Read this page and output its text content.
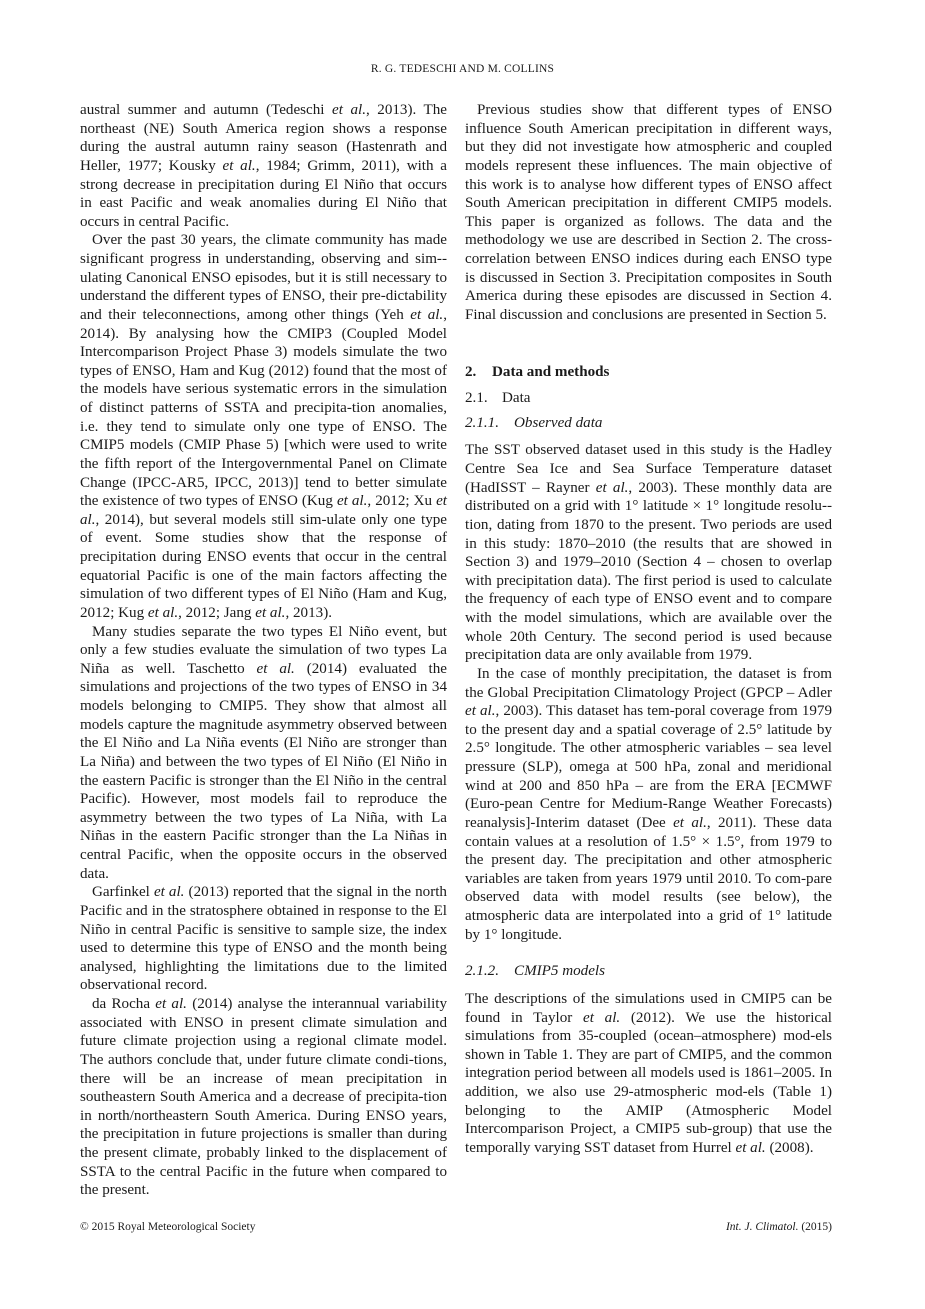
R. G. TEDESCHI AND M. COLLINS

austral summer and autumn (Tedeschi et al., 2013). The northeast (NE) South America region shows a response during the austral autumn rainy season (Hastenrath and Heller, 1977; Kousky et al., 1984; Grimm, 2011), with a strong decrease in precipitation during El Niño that occurs in east Pacific and weak anomalies during El Niño that occurs in central Pacific.

Over the past 30 years, the climate community has made significant progress in understanding, observing and sim-ulating Canonical ENSO episodes, but it is still necessary to understand the different types of ENSO, their pre-dictability and their teleconnections, among other things (Yeh et al., 2014). By analysing how the CMIP3 (Coupled Model Intercomparison Project Phase 3) models simulate the two types of ENSO, Ham and Kug (2012) found that the most of the models have serious systematic errors in the simulation of distinct patterns of SSTA and precipita-tion anomalies, i.e. they tend to simulate only one type of ENSO. The CMIP5 models (CMIP Phase 5) [which were used to write the fifth report of the Intergovernmental Panel on Climate Change (IPCC-AR5, IPCC, 2013)] tend to better simulate the existence of two types of ENSO (Kug et al., 2012; Xu et al., 2014), but several models still sim-ulate only one type of event. Some studies show that the response of precipitation during ENSO events that occur in the central equatorial Pacific is one of the main factors affecting the simulation of two different types of El Niño (Ham and Kug, 2012; Kug et al., 2012; Jang et al., 2013).

Many studies separate the two types El Niño event, but only a few studies evaluate the simulation of two types La Niña as well. Taschetto et al. (2014) evaluated the simulations and projections of the two types of ENSO in 34 models belonging to CMIP5. They show that almost all models capture the magnitude asymmetry observed between the El Niño and La Niña events (El Niño are stronger than La Niña) and between the two types of El Niño (El Niño in the eastern Pacific is stronger than the El Niño in the central Pacific). However, most models fail to reproduce the asymmetry between the two types of La Niña, with La Niñas in the eastern Pacific stronger than the La Niñas in central Pacific, when the opposite occurs in the observed data.

Garfinkel et al. (2013) reported that the signal in the north Pacific and in the stratosphere obtained in response to the El Niño in central Pacific is sensitive to sample size, the index used to determine this type of ENSO and the month being analysed, highlighting the limitations due to the limited observational record.

da Rocha et al. (2014) analyse the interannual variability associated with ENSO in present climate simulation and future climate projection using a regional climate model. The authors conclude that, under future climate condi-tions, there will be an increase of mean precipitation in southeastern South America and a decrease of precipita-tion in north/northeastern South America. During ENSO years, the precipitation in future projections is smaller than during the present climate, probably linked to the displacement of SSTA to the central Pacific in the future when compared to the present.

Previous studies show that different types of ENSO influence South American precipitation in different ways, but they did not investigate how atmospheric and coupled models represent these influences. The main objective of this work is to analyse how different types of ENSO affect South American precipitation in different CMIP5 models. This paper is organized as follows. The data and the methodology we use are described in Section 2. The cross-correlation between ENSO indices during each ENSO type is discussed in Section 3. Precipitation composites in South America during these episodes are discussed in Section 4. Final discussion and conclusions are presented in Section 5.

2. Data and methods
2.1. Data
2.1.1. Observed data

The SST observed dataset used in this study is the Hadley Centre Sea Ice and Sea Surface Temperature dataset (HadISST – Rayner et al., 2003). These monthly data are distributed on a grid with 1° latitude × 1° longitude resolu-tion, dating from 1870 to the present. Two periods are used in this study: 1870–2010 (the results that are showed in Section 3) and 1979–2010 (Section 4 – chosen to overlap with precipitation data). The first period is used to calculate the frequency of each type of ENSO event and to compare with the model simulations, which are available over the whole 20th Century. The second period is used because precipitation data are only available from 1979.

In the case of monthly precipitation, the dataset is from the Global Precipitation Climatology Project (GPCP – Adler et al., 2003). This dataset has tem-poral coverage from 1979 to the present day and a spatial coverage of 2.5° latitude by 2.5° longitude. The other atmospheric variables – sea level pressure (SLP), omega at 500 hPa, zonal and meridional wind at 200 and 850 hPa – are from the ERA [ECMWF (Euro-pean Centre for Medium-Range Weather Forecasts) reanalysis]-Interim dataset (Dee et al., 2011). These data contain values at a resolution of 1.5° × 1.5°, from 1979 to the present day. The precipitation and other atmospheric variables are taken from years 1979 until 2010. To com-pare observed data with model results (see below), the atmospheric data are interpolated into a grid of 1° latitude by 1° longitude.

2.1.2. CMIP5 models

The descriptions of the simulations used in CMIP5 can be found in Taylor et al. (2012). We use the historical simulations from 35-coupled (ocean–atmosphere) mod-els shown in Table 1. They are part of CMIP5, and the common integration period between all models used is 1861–2005. In addition, we also use 29-atmospheric mod-els (Table 1) belonging to the AMIP (Atmospheric Model Intercomparison Project, a CMIP5 sub-group) that use the temporally varying SST dataset from Hurrel et al. (2008).

© 2015 Royal Meteorological Society	Int. J. Climatol. (2015)
